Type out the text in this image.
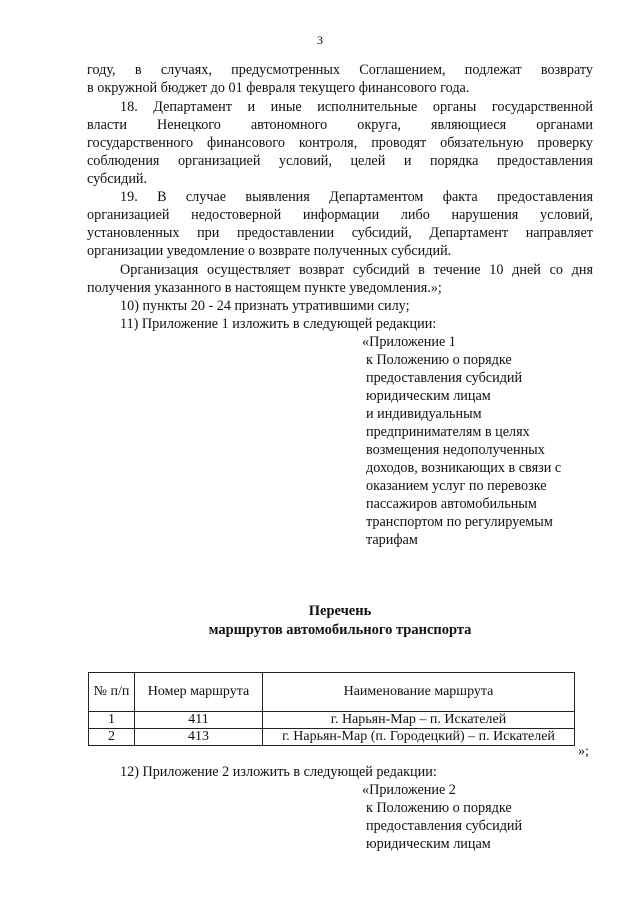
3
году, в случаях, предусмотренных Соглашением, подлежат возврату
в окружной бюджет до 01 февраля текущего финансового года.
18. Департамент и иные исполнительные органы государственной
власти Ненецкого автономного округа, являющиеся органами
государственного финансового контроля, проводят обязательную проверку
соблюдения организацией условий, целей и порядка предоставления
субсидий.
19. В случае выявления Департаментом факта предоставления
организацией недостоверной информации либо нарушения условий,
установленных при предоставлении субсидий, Департамент направляет
организации уведомление о возврате полученных субсидий.
Организация осуществляет возврат субсидий в течение 10 дней со дня
получения указанного в настоящем пункте уведомления.»;
10) пункты 20 - 24 признать утратившими силу;
11) Приложение 1 изложить в следующей редакции:
«Приложение 1
к Положению о порядке
предоставления субсидий
юридическим лицам
и индивидуальным
предпринимателям в целях
возмещения недополученных
доходов, возникающих в связи с
оказанием услуг по перевозке
пассажиров автомобильным
транспортом по регулируемым
тарифам
Перечень
маршрутов автомобильного транспорта
№ п/п	Номер маршрута	Наименование маршрута
1	411	г. Нарьян-Мар – п. Искателей
2	413	г. Нарьян-Мар (п. Городецкий) – п. Искателей
»;
12) Приложение 2 изложить в следующей редакции:
«Приложение 2
к Положению о порядке
предоставления субсидий
юридическим лицам
